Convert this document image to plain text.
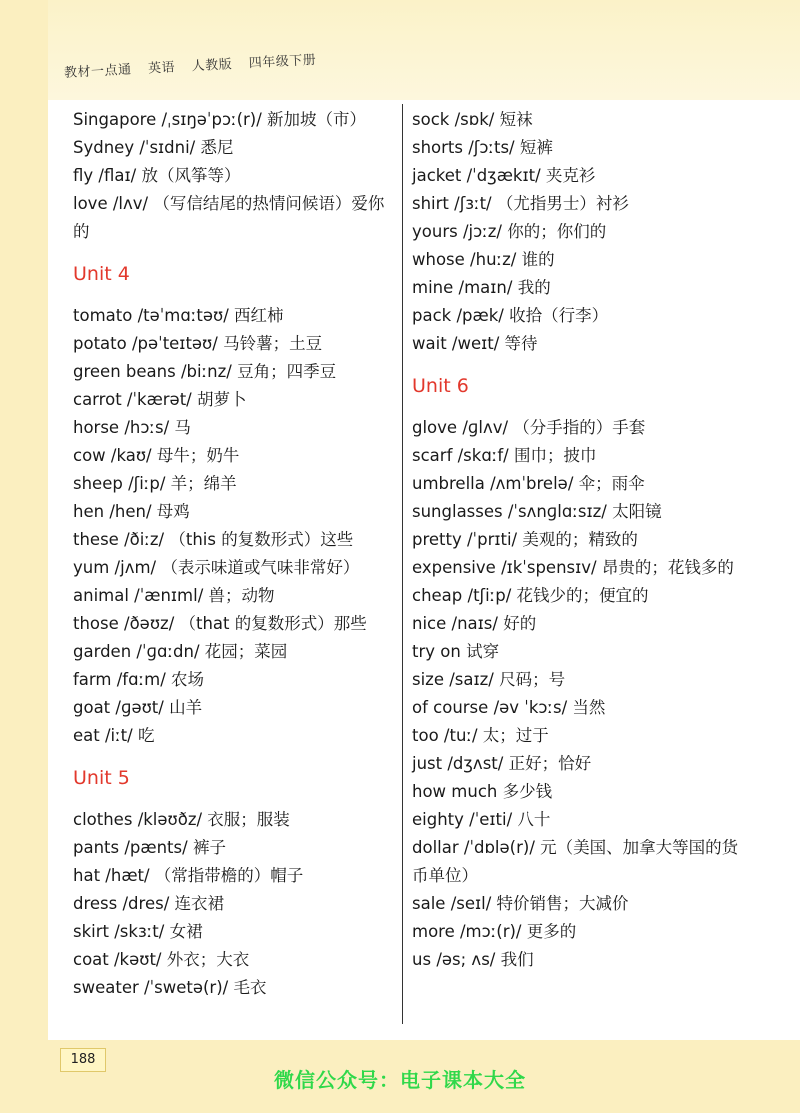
教材一点通 英语 人教版 四年级下册
Singapore /ˌsɪŋəˈpɔː(r)/ 新加坡（市）
Sydney /ˈsɪdni/ 悉尼
fly /flaɪ/ 放（风筝等）
love /lʌv/ （写信结尾的热情问候语）爱你的
Unit 4
tomato /təˈmɑːtəʊ/ 西红柿
potato /pəˈteɪtəʊ/ 马铃薯；土豆
green beans /biːnz/ 豆角；四季豆
carrot /ˈkærət/ 胡萝卜
horse /hɔːs/ 马
cow /kaʊ/ 母牛；奶牛
sheep /ʃiːp/ 羊；绵羊
hen /hen/ 母鸡
these /ðiːz/ （this 的复数形式）这些
yum /jʌm/ （表示味道或气味非常好）
animal /ˈænɪml/ 兽；动物
those /ðəʊz/ （that 的复数形式）那些
garden /ˈɡɑːdn/ 花园；菜园
farm /fɑːm/ 农场
goat /ɡəʊt/ 山羊
eat /iːt/ 吃
Unit 5
clothes /kləʊðz/ 衣服；服装
pants /pænts/ 裤子
hat /hæt/ （常指带檐的）帽子
dress /dres/ 连衣裙
skirt /skɜːt/ 女裙
coat /kəʊt/ 外衣；大衣
sweater /ˈswetə(r)/ 毛衣
sock /sɒk/ 短袜
shorts /ʃɔːts/ 短裤
jacket /ˈdʒækɪt/ 夹克衫
shirt /ʃɜːt/ （尤指男士）衬衫
yours /jɔːz/ 你的；你们的
whose /huːz/ 谁的
mine /maɪn/ 我的
pack /pæk/ 收拾（行李）
wait /weɪt/ 等待
Unit 6
glove /ɡlʌv/ （分手指的）手套
scarf /skɑːf/ 围巾；披巾
umbrella /ʌmˈbrelə/ 伞；雨伞
sunglasses /ˈsʌnɡlɑːsɪz/ 太阳镜
pretty /ˈprɪti/ 美观的；精致的
expensive /ɪkˈspensɪv/ 昂贵的；花钱多的
cheap /tʃiːp/ 花钱少的；便宜的
nice /naɪs/ 好的
try on 试穿
size /saɪz/ 尺码；号
of course /əv ˈkɔːs/ 当然
too /tuː/ 太；过于
just /dʒʌst/ 正好；恰好
how much 多少钱
eighty /ˈeɪti/ 八十
dollar /ˈdɒlə(r)/ 元（美国、加拿大等国的货币单位）
sale /seɪl/ 特价销售；大减价
more /mɔː(r)/ 更多的
us /əs; ʌs/ 我们
188
微信公众号：电子课本大全
